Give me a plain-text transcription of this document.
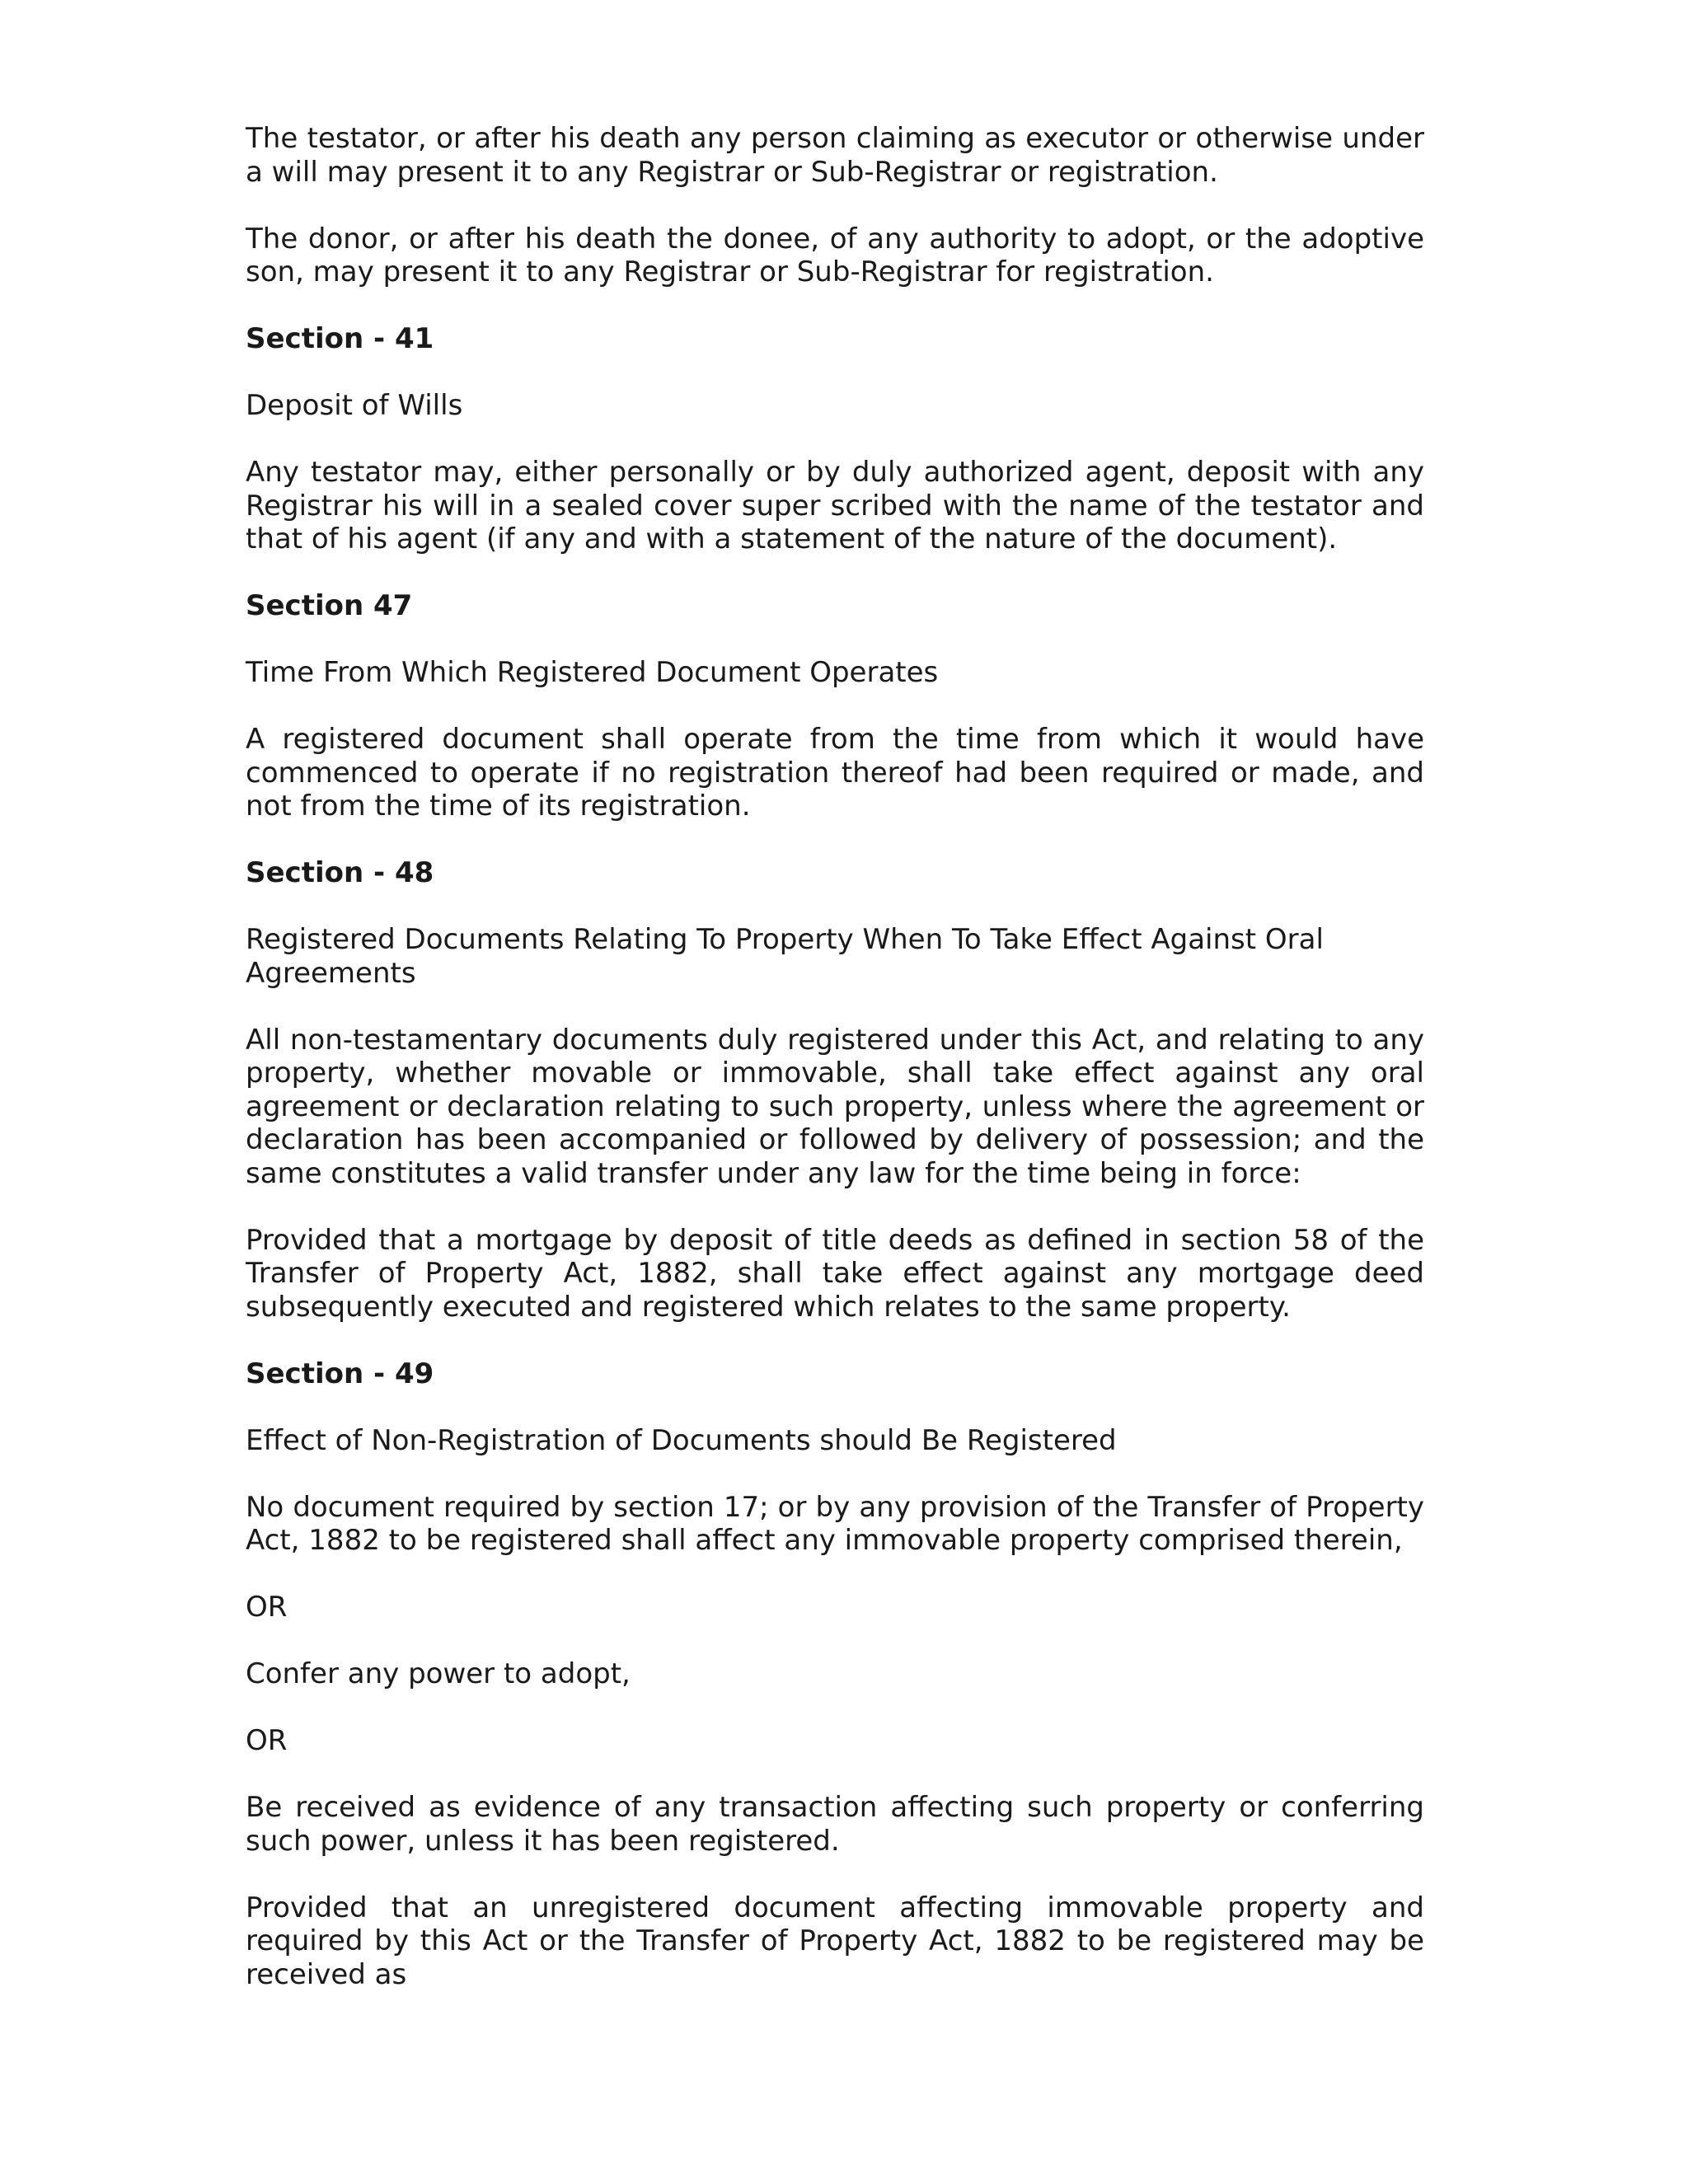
The testator, or after his death any person claiming as executor or otherwise under a will may present it to any Registrar or Sub-Registrar or registration.

The donor, or after his death the donee, of any authority to adopt, or the adoptive son, may present it to any Registrar or Sub-Registrar for registration.

Section - 41

Deposit of Wills

Any testator may, either personally or by duly authorized agent, deposit with any Registrar his will in a sealed cover super scribed with the name of the testator and that of his agent (if any and with a statement of the nature of the document).

Section 47

Time From Which Registered Document Operates

A registered document shall operate from the time from which it would have commenced to operate if no registration thereof had been required or made, and not from the time of its registration.

Section - 48

Registered Documents Relating To Property When To Take Effect Against Oral Agreements

All non-testamentary documents duly registered under this Act, and relating to any property, whether movable or immovable, shall take effect against any oral agreement or declaration relating to such property, unless where the agreement or declaration has been accompanied or followed by delivery of possession; and the same constitutes a valid transfer under any law for the time being in force:

Provided that a mortgage by deposit of title deeds as defined in section 58 of the Transfer of Property Act, 1882, shall take effect against any mortgage deed subsequently executed and registered which relates to the same property.

Section - 49

Effect of Non-Registration of Documents should Be Registered

No document required by section 17; or by any provision of the Transfer of Property Act, 1882 to be registered shall affect any immovable property comprised therein,

OR

Confer any power to adopt,

OR

Be received as evidence of any transaction affecting such property or conferring such power, unless it has been registered.

Provided that an unregistered document affecting immovable property and required by this Act or the Transfer of Property Act, 1882 to be registered may be received as
